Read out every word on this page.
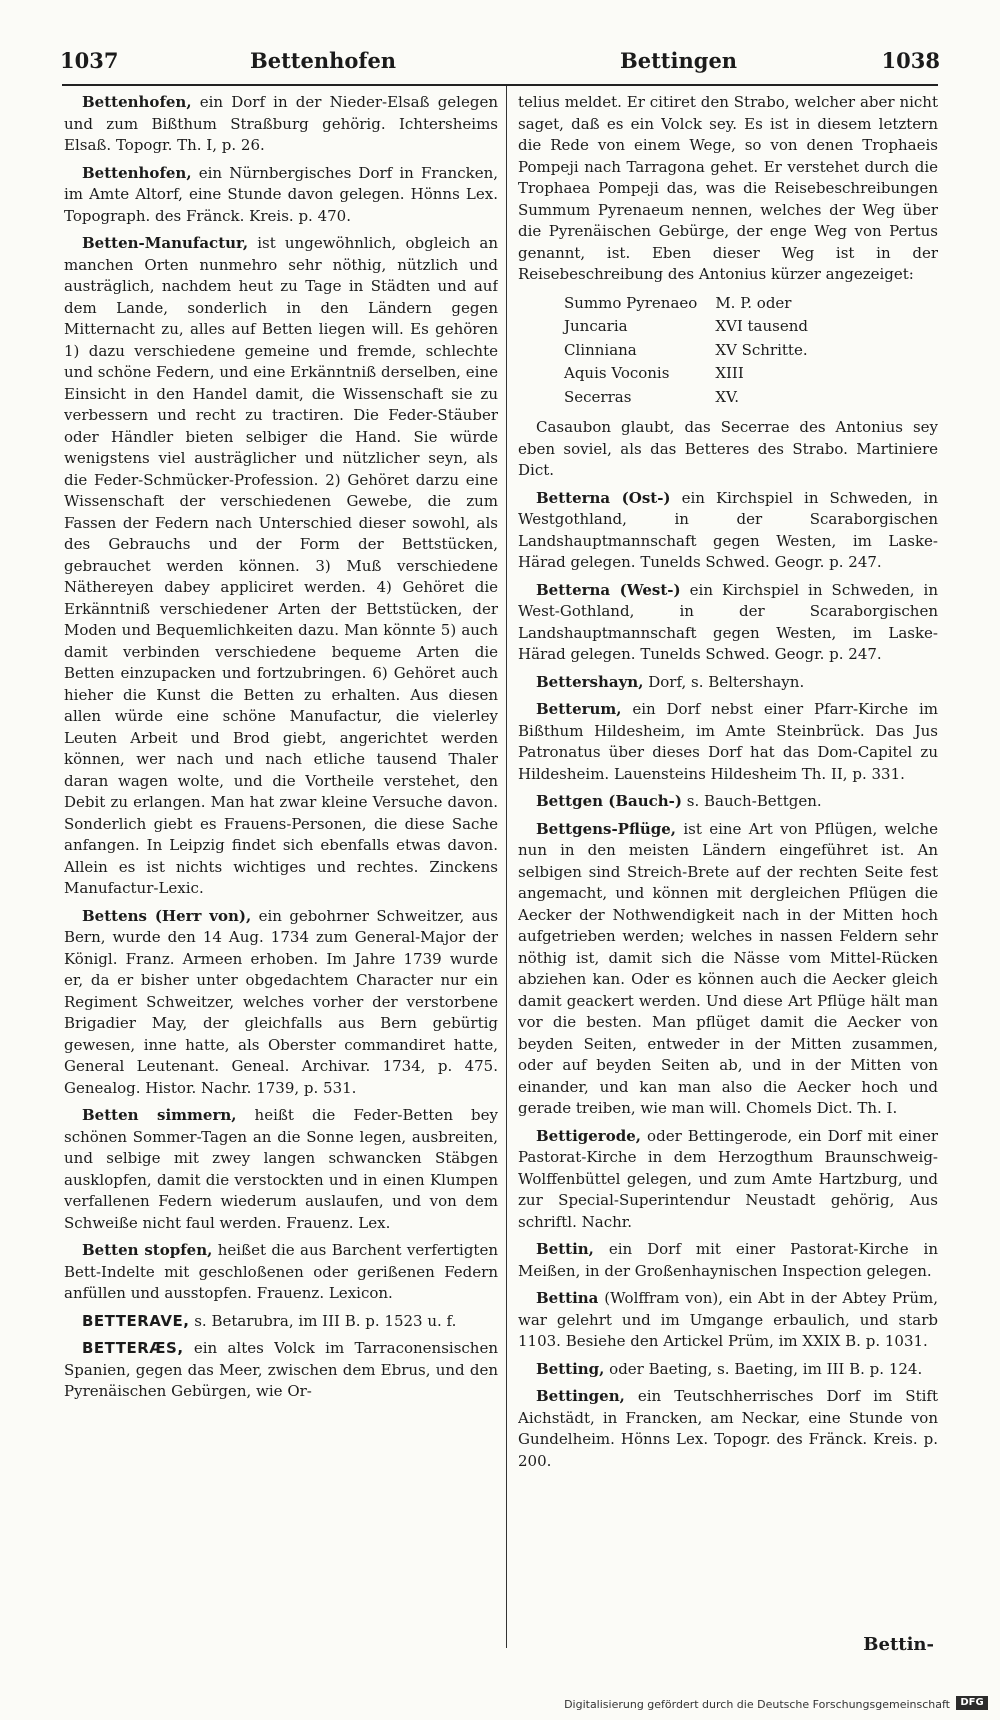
1037	Bettenhofen	Bettingen	1038

Bettenhofen, ein Dorf in der Nieder-Elsaß gelegen und zum Bißthum Straßburg gehörig. Ichtersheims Elsaß. Topogr. Th. I, p. 26.

Bettenhofen, ein Nürnbergisches Dorf in Francken, im Amte Altorf, eine Stunde davon gelegen. Hönns Lex. Topograph. des Fränck. Kreis. p. 470.

Betten-Manufactur, ist ungewöhnlich, obgleich an manchen Orten nunmehro sehr nöthig, nützlich und austräglich, nachdem heut zu Tage in Städten und auf dem Lande, sonderlich in den Ländern gegen Mitternacht zu, alles auf Betten liegen will. Es gehören 1) dazu verschiedene gemeine und fremde, schlechte und schöne Federn, und eine Erkänntniß derselben, eine Einsicht in den Handel damit, die Wissenschaft sie zu verbessern und recht zu tractiren. Die Feder-Stäuber oder Händler bieten selbiger die Hand. Sie würde wenigstens viel austräglicher und nützlicher seyn, als die Feder-Schmücker-Profession. 2) Gehöret darzu eine Wissenschaft der verschiedenen Gewebe, die zum Fassen der Federn nach Unterschied dieser sowohl, als des Gebrauchs und der Form der Bettstücken, gebrauchet werden können. 3) Muß verschiedene Näthereyen dabey appliciret werden. 4) Gehöret die Erkänntniß verschiedener Arten der Bettstücken, der Moden und Bequemlichkeiten dazu. Man könnte 5) auch damit verbinden verschiedene bequeme Arten die Betten einzupacken und fortzubringen. 6) Gehöret auch hieher die Kunst die Betten zu erhalten. Aus diesen allen würde eine schöne Manufactur, die vielerley Leuten Arbeit und Brod giebt, angerichtet werden können, wer nach und nach etliche tausend Thaler daran wagen wolte, und die Vortheile verstehet, den Debit zu erlangen. Man hat zwar kleine Versuche davon. Sonderlich giebt es Frauens-Personen, die diese Sache anfangen. In Leipzig findet sich ebenfalls etwas davon. Allein es ist nichts wichtiges und rechtes. Zinckens Manufactur-Lexic.

Bettens (Herr von), ein gebohrner Schweitzer, aus Bern, wurde den 14 Aug. 1734 zum General-Major der Königl. Franz. Armeen erhoben. Im Jahre 1739 wurde er, da er bisher unter obgedachtem Character nur ein Regiment Schweitzer, welches vorher der verstorbene Brigadier May, der gleichfalls aus Bern gebürtig gewesen, inne hatte, als Oberster commandiret hatte, General Leutenant. Geneal. Archivar. 1734, p. 475. Genealog. Histor. Nachr. 1739, p. 531.

Betten simmern, heißt die Feder-Betten bey schönen Sommer-Tagen an die Sonne legen, ausbreiten, und selbige mit zwey langen schwancken Stäbgen ausklopfen, damit die verstockten und in einen Klumpen verfallenen Federn wiederum auslaufen, und von dem Schweiße nicht faul werden. Frauenz. Lex.

Betten stopfen, heißet die aus Barchent verfertigten Bett-Indelte mit geschloßenen oder gerißenen Federn anfüllen und ausstopfen. Frauenz. Lexicon.

BETTERAVE, s. Betarubra, im III B. p. 1523 u. f.

BETTERÆS, ein altes Volck im Tarraconensischen Spanien, gegen das Meer, zwischen dem Ebrus, und den Pyrenäischen Gebürgen, wie Or-

telius meldet. Er citiret den Strabo, welcher aber nicht saget, daß es ein Volck sey. Es ist in diesem letztern die Rede von einem Wege, so von denen Trophaeis Pompeji nach Tarragona gehet. Er verstehet durch die Trophaea Pompeji das, was die Reisebeschreibungen Summum Pyrenaeum nennen, welches der Weg über die Pyrenäischen Gebürge, der enge Weg von Pertus genannt, ist. Eben dieser Weg ist in der Reisebeschreibung des Antonius kürzer angezeiget:

Summo Pyrenaeo	M. P. oder
Juncaria	XVI tausend
Clinniana	XV Schritte.
Aquis Voconis	XIII
Secerras	XV.

Casaubon glaubt, das Secerrae des Antonius sey eben soviel, als das Betteres des Strabo. Martiniere Dict.

Betterna (Ost-) ein Kirchspiel in Schweden, in Westgothland, in der Scaraborgischen Landshauptmannschaft gegen Westen, im Laske-Härad gelegen. Tunelds Schwed. Geogr. p. 247.

Betterna (West-) ein Kirchspiel in Schweden, in West-Gothland, in der Scaraborgischen Landshauptmannschaft gegen Westen, im Laske-Härad gelegen. Tunelds Schwed. Geogr. p. 247.

Bettershayn, Dorf, s. Beltershayn.

Betterum, ein Dorf nebst einer Pfarr-Kirche im Bißthum Hildesheim, im Amte Steinbrück. Das Jus Patronatus über dieses Dorf hat das Dom-Capitel zu Hildesheim. Lauensteins Hildesheim Th. II, p. 331.

Bettgen (Bauch-) s. Bauch-Bettgen.

Bettgens-Pflüge, ist eine Art von Pflügen, welche nun in den meisten Ländern eingeführet ist. An selbigen sind Streich-Brete auf der rechten Seite fest angemacht, und können mit dergleichen Pflügen die Aecker der Nothwendigkeit nach in der Mitten hoch aufgetrieben werden; welches in nassen Feldern sehr nöthig ist, damit sich die Nässe vom Mittel-Rücken abziehen kan. Oder es können auch die Aecker gleich damit geackert werden. Und diese Art Pflüge hält man vor die besten. Man pflüget damit die Aecker von beyden Seiten, entweder in der Mitten zusammen, oder auf beyden Seiten ab, und in der Mitten von einander, und kan man also die Aecker hoch und gerade treiben, wie man will. Chomels Dict. Th. I.

Bettigerode, oder Bettingerode, ein Dorf mit einer Pastorat-Kirche in dem Herzogthum Braunschweig-Wolffenbüttel gelegen, und zum Amte Hartzburg, und zur Special-Superintendur Neustadt gehörig, Aus schriftl. Nachr.

Bettin, ein Dorf mit einer Pastorat-Kirche in Meißen, in der Großenhaynischen Inspection gelegen.

Bettina (Wolffram von), ein Abt in der Abtey Prüm, war gelehrt und im Umgange erbaulich, und starb 1103. Besiehe den Artickel Prüm, im XXIX B. p. 1031.

Betting, oder Baeting, s. Baeting, im III B. p. 124.

Bettingen, ein Teutschherrisches Dorf im Stift Aichstädt, in Francken, am Neckar, eine Stunde von Gundelheim. Hönns Lex. Topogr. des Fränck. Kreis. p. 200.

Bettin-
Digitalisierung gefördert durch die Deutsche Forschungsgemeinschaft	DFG
